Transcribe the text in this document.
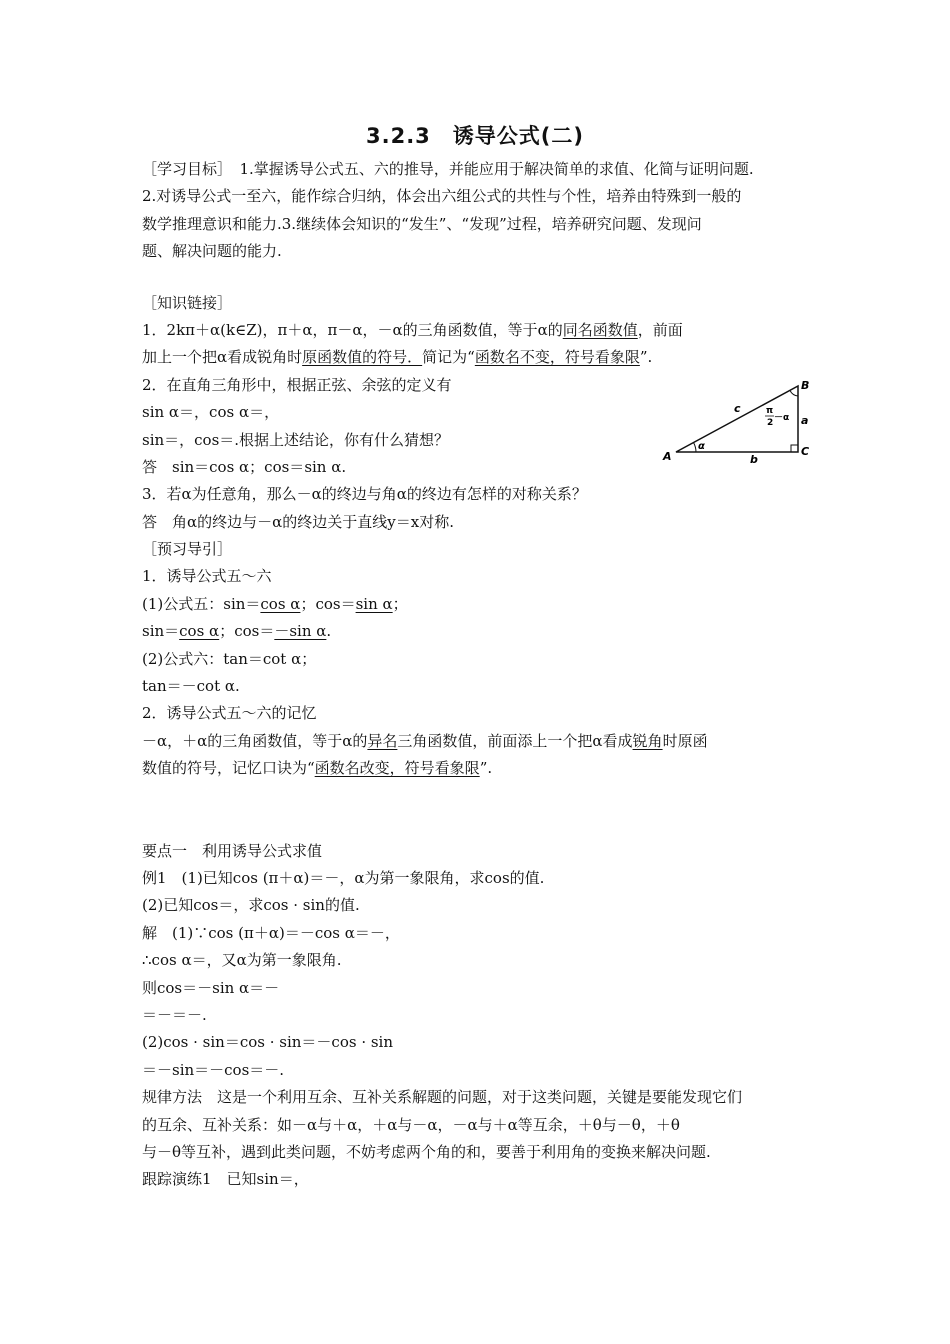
3.2.3　诱导公式(二)
［学习目标］　1.掌握诱导公式五、六的推导，并能应用于解决简单的求值、化简与证明问题.
2.对诱导公式一至六，能作综合归纳，体会出六组公式的共性与个性，培养由特殊到一般的
数学推理意识和能力.3.继续体会知识的“发生”、“发现”过程，培养研究问题、发现问
题、解决问题的能力.
［知识链接］
1．2kπ＋α(k∈Z)，π＋α，π－α，－α的三角函数值，等于α的同名函数值，前面
加上一个把α看成锐角时原函数值的符号．简记为“函数名不变，符号看象限”.
2．在直角三角形中，根据正弦、余弦的定义有
sin α＝，cos α＝，
sin＝，cos＝.根据上述结论，你有什么猜想？
答　sin＝cos α；cos＝sin α.
3．若α为任意角，那么－α的终边与角α的终边有怎样的对称关系？
答　角α的终边与－α的终边关于直线y＝x对称.
［预习导引］
1．诱导公式五～六
(1)公式五：sin＝cos α；cos＝sin α；
sin＝cos α；cos＝－sin α.
(2)公式六：tan＝cot α；
tan＝－cot α.
2．诱导公式五～六的记忆
－α，＋α的三角函数值，等于α的异名三角函数值，前面添上一个把α看成锐角时原函
数值的符号，记忆口诀为“函数名改变，符号看象限”.
要点一　利用诱导公式求值
例1　(1)已知cos (π＋α)＝－，α为第一象限角，求cos的值.
(2)已知cos＝，求cos · sin的值.
解　(1)∵cos (π＋α)＝－cos α＝－，
∴cos α＝，又α为第一象限角.
则cos＝－sin α＝－
＝－＝－.
(2)cos · sin＝cos · sin＝－cos · sin
＝－sin＝－cos＝－.
规律方法　这是一个利用互余、互补关系解题的问题，对于这类问题，关键是要能发现它们
的互余、互补关系：如－α与＋α，＋α与－α，－α与＋α等互余，＋θ与－θ，＋θ
与－θ等互补，遇到此类问题，不妨考虑两个角的和，要善于利用角的变换来解决问题.
跟踪演练1　已知sin＝，
A
B
C
a
b
c
α
π
2 －α
